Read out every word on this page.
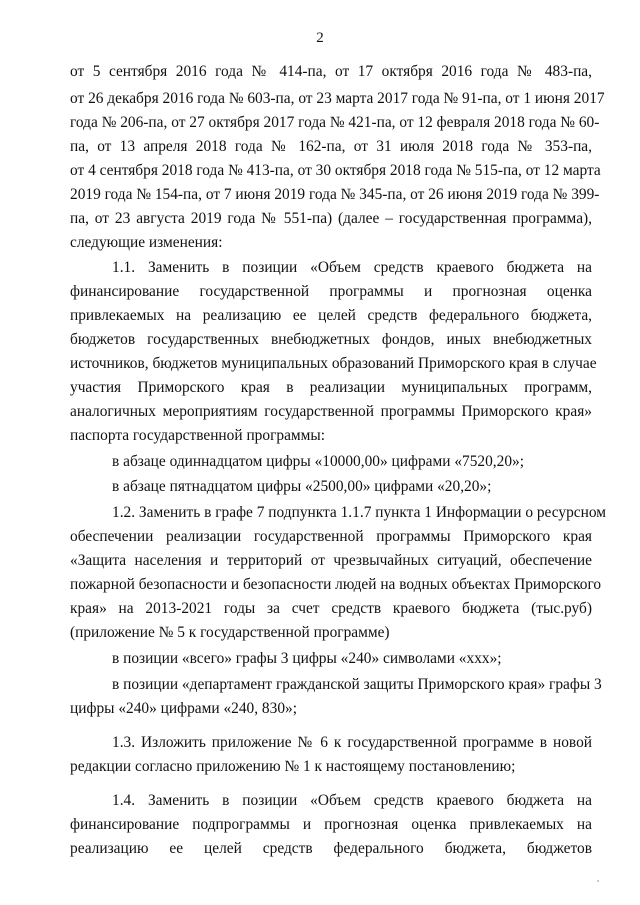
2
от 5 сентября 2016 года № 414-па, от 17 октября 2016 года № 483-па,
от 26 декабря 2016 года № 603-па, от 23 марта 2017 года № 91-па, от 1 июня 2017
года № 206-па, от 27 октября 2017 года № 421-па, от 12 февраля 2018 года № 60-
па, от 13 апреля 2018 года № 162-па, от 31 июля 2018 года № 353-па,
от 4 сентября 2018 года № 413-па, от 30 октября 2018 года № 515-па, от 12 марта
2019 года № 154-па, от 7 июня 2019 года № 345-па, от 26 июня 2019 года № 399-
па, от 23 августа 2019 года № 551-па) (далее – государственная программа),
следующие изменения:
1.1. Заменить в позиции «Объем средств краевого бюджета на
финансирование государственной программы и прогнозная оценка
привлекаемых на реализацию ее целей средств федерального бюджета,
бюджетов государственных внебюджетных фондов, иных внебюджетных
источников, бюджетов муниципальных образований Приморского края в случае
участия Приморского края в реализации муниципальных программ,
аналогичных мероприятиям государственной программы Приморского края»
паспорта государственной программы:
в абзаце одиннадцатом цифры «10000,00» цифрами «7520,20»;
в абзаце пятнадцатом цифры «2500,00» цифрами «20,20»;
1.2. Заменить в графе 7 подпункта 1.1.7 пункта 1 Информации о ресурсном
обеспечении реализации государственной программы Приморского края
«Защита населения и территорий от чрезвычайных ситуаций, обеспечение
пожарной безопасности и безопасности людей на водных объектах Приморского
края» на 2013-2021 годы за счет средств краевого бюджета (тыс.руб)
(приложение № 5 к государственной программе)
в позиции «всего» графы 3 цифры «240» символами «ххх»;
в позиции «департамент гражданской защиты Приморского края» графы 3
цифры «240» цифрами «240, 830»;
1.3. Изложить приложение № 6 к государственной программе в новой
редакции согласно приложению № 1 к настоящему постановлению;
1.4. Заменить в позиции «Объем средств краевого бюджета на
финансирование подпрограммы и прогнозная оценка привлекаемых на
реализацию ее целей средств федерального бюджета, бюджетов
